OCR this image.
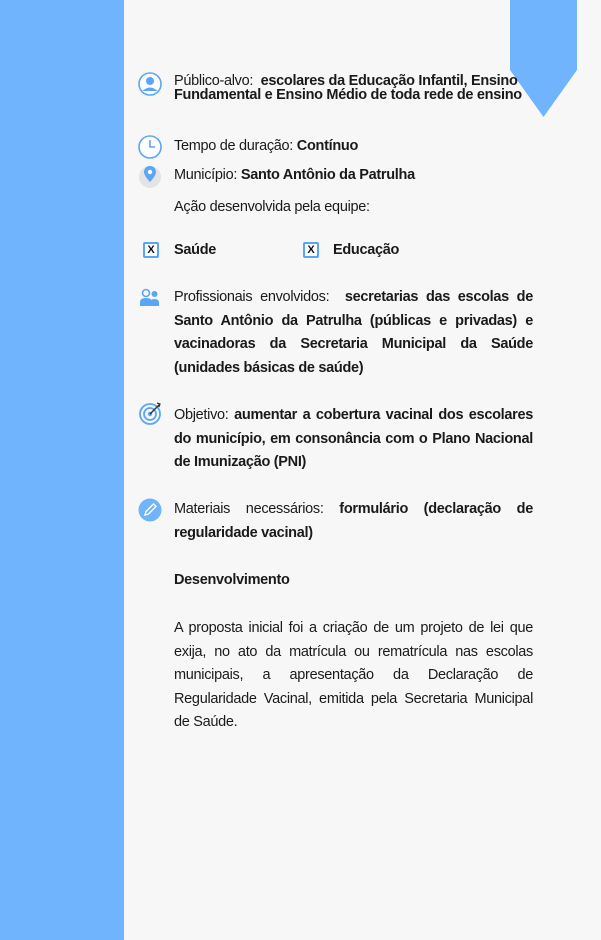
Público-alvo: escolares da Educação Infantil, Ensino Fundamental e Ensino Médio de toda rede de ensino
Tempo de duração: Contínuo
Município: Santo Antônio da Patrulha
Ação desenvolvida pela equipe:
X Saúde	X Educação
Profissionais envolvidos: secretarias das escolas de Santo Antônio da Patrulha (públicas e privadas) e vacinadoras da Secretaria Municipal da Saúde (unidades básicas de saúde)
Objetivo: aumentar a cobertura vacinal dos escolares do município, em consonância com o Plano Nacional de Imunização (PNI)
Materiais necessários: formulário (declaração de regularidade vacinal)
Desenvolvimento
A proposta inicial foi a criação de um projeto de lei que exija, no ato da matrícula ou rematrícula nas escolas municipais, a apresentação da Declaração de Regularidade Vacinal, emitida pela Secretaria Municipal de Saúde.
